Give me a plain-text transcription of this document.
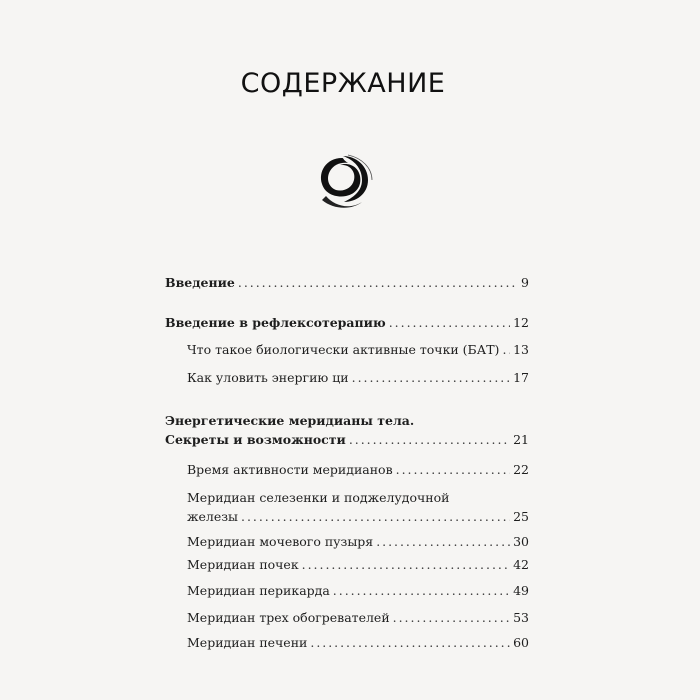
СОДЕРЖАНИЕ
Введение . . .	9
Введение в рефлексотерапию . . .	12
Что такое биологически активные точки (БАТ) . . . 13
Как уловить энергию ци . . .	17
Энергетические меридианы тела.
Секреты и возможности . . .	21
Время активности меридианов . . .	22
Меридиан селезенки и поджелудочной
железы . . .	25
Меридиан мочевого пузыря . . .	30
Меридиан почек . . .	42
Меридиан перикарда . . .	49
Меридиан трех обогревателей . . .	53
Меридиан печени . . .	60
